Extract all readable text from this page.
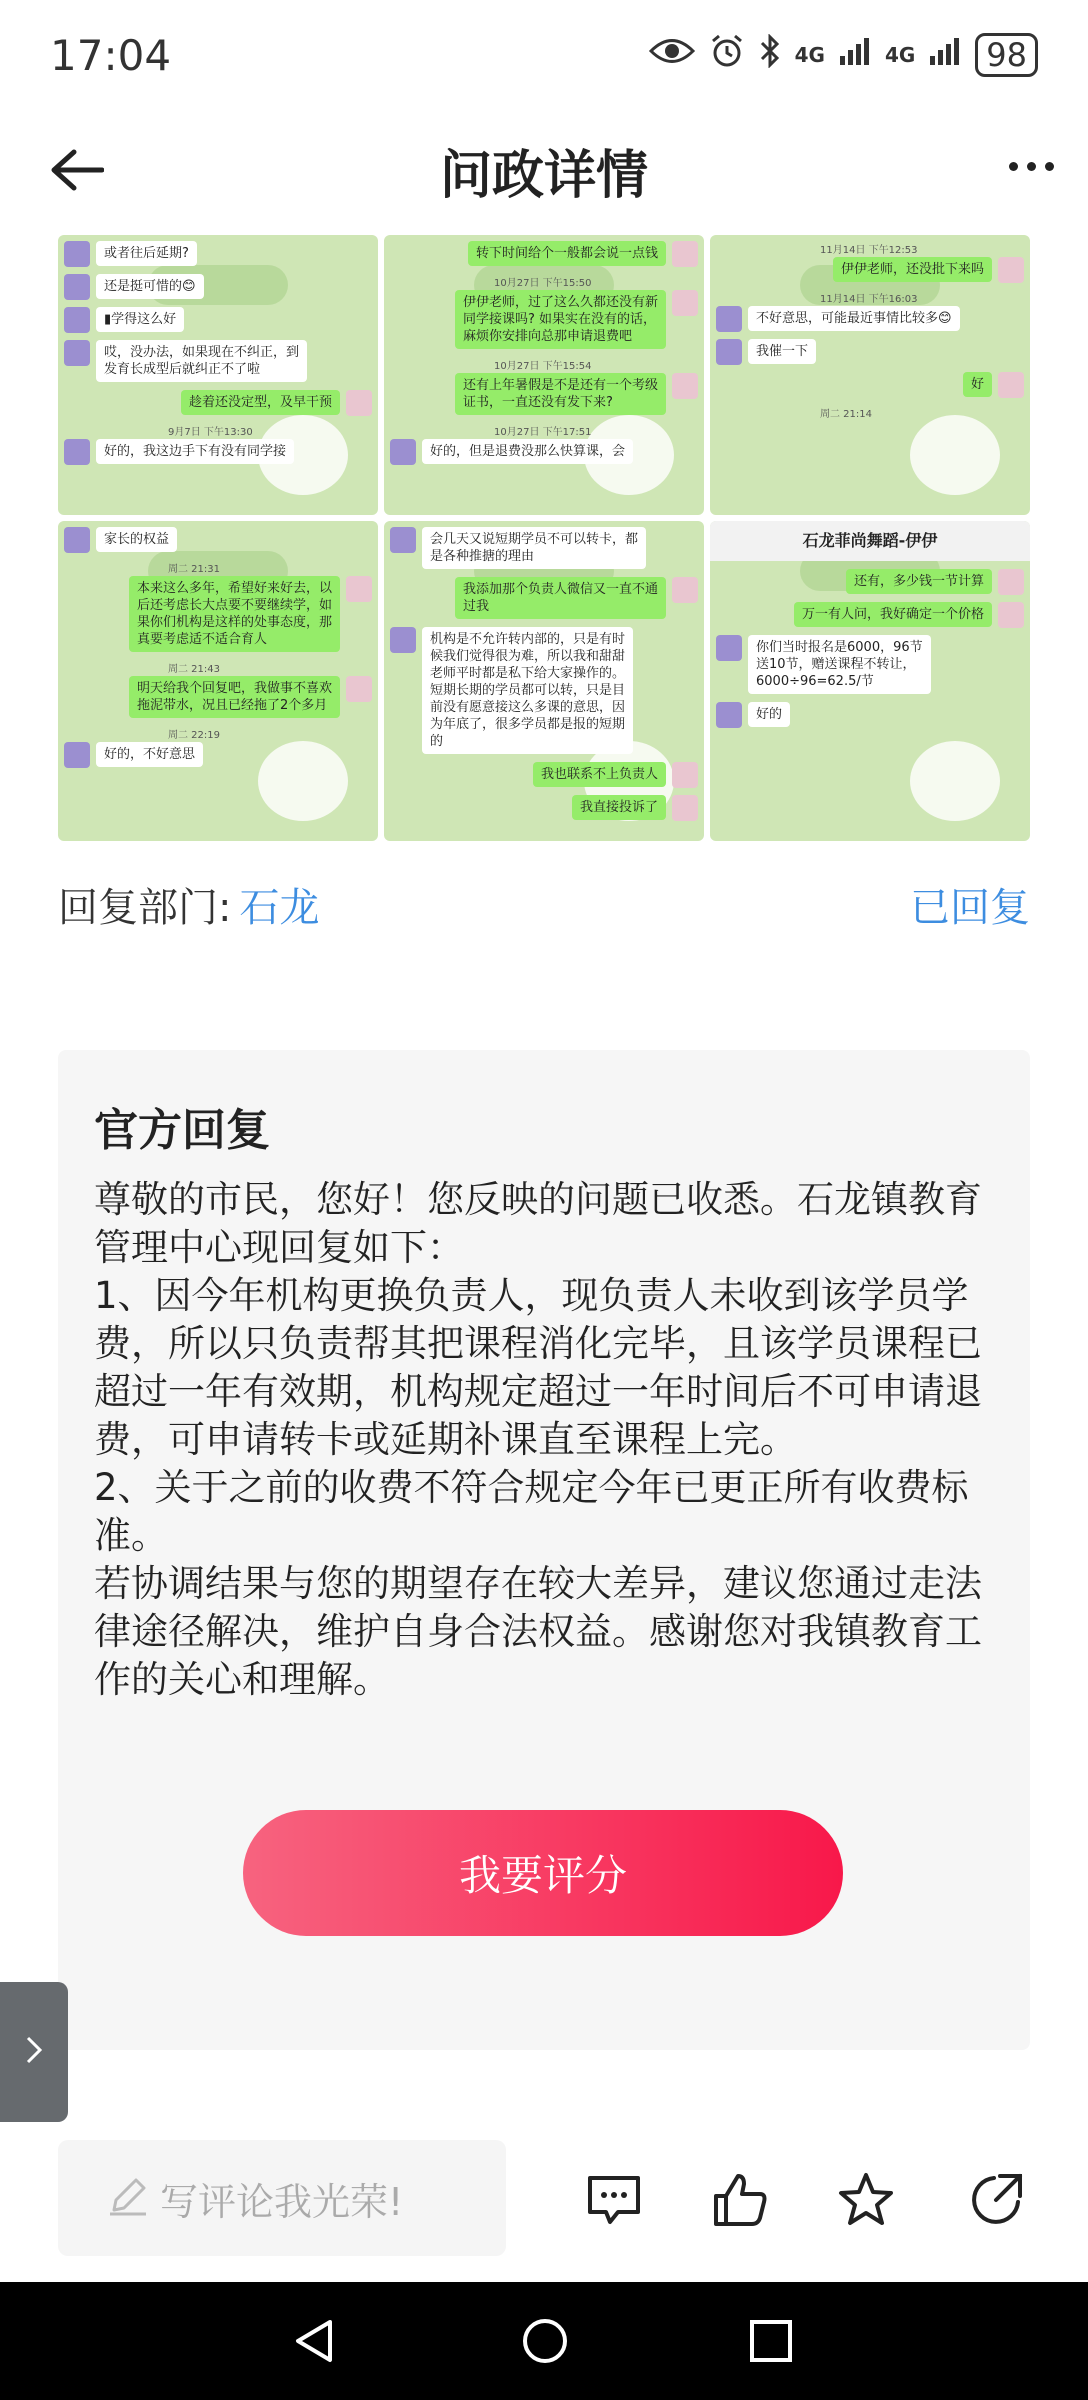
17:04	4G	4G	98
问政详情
或者往后延期?
还是挺可惜的😊
▮学得这么好
哎，没办法，如果现在不纠正，到
发育长成型后就纠正不了啦
趁着还没定型，及早干预
9月7日 下午13:30
好的，我这边手下有没有同学接
转下时间给个一般都会说一点钱
10月27日 下午15:50
伊伊老师，过了这么久都还没有新
同学接课吗? 如果实在没有的话，
麻烦你安排向总那申请退费吧
10月27日 下午15:54
还有上年暑假是不是还有一个考级
证书，一直还没有发下来?
10月27日 下午17:51
好的，但是退费没那么快算课，会
11月14日 下午12:53
伊伊老师，还没批下来吗
11月14日 下午16:03
不好意思，可能最近事情比较多😊
我催一下
好
周二 21:14
家长的权益
周二 21:31
本来这么多年，希望好来好去，以
后还考虑长大点要不要继续学，如
果你们机构是这样的处事态度，那
真要考虑适不适合育人
周二 21:43
明天给我个回复吧，我做事不喜欢
拖泥带水，况且已经拖了2个多月
周二 22:19
好的，不好意思
会几天又说短期学员不可以转卡，都
是各种推搪的理由
我添加那个负责人微信又一直不通
过我
机构是不允许转内部的，只是有时
候我们觉得很为难，所以我和甜甜
老师平时都是私下给大家操作的。
短期长期的学员都可以转，只是目
前没有愿意接这么多课的意思，因
为年底了，很多学员都是报的短期
的
我也联系不上负责人
我直接投诉了
石龙菲尚舞蹈-伊伊
还有，多少钱一节计算
万一有人问，我好确定一个价格
你们当时报名是6000，96节
送10节，赠送课程不转让，
6000÷96=62.5/节
好的
回复部门: 石龙	已回复
官方回复
尊敬的市民，您好！您反映的问题已收悉。石龙镇教育管理中心现回复如下：
1、因今年机构更换负责人，现负责人未收到该学员学费，所以只负责帮其把课程消化完毕，且该学员课程已超过一年有效期，机构规定超过一年时间后不可申请退费，可申请转卡或延期补课直至课程上完。
2、关于之前的收费不符合规定今年已更正所有收费标准。
若协调结果与您的期望存在较大差异，建议您通过走法律途径解决，维护自身合法权益。感谢您对我镇教育工作的关心和理解。
我要评分
写评论我光荣!
